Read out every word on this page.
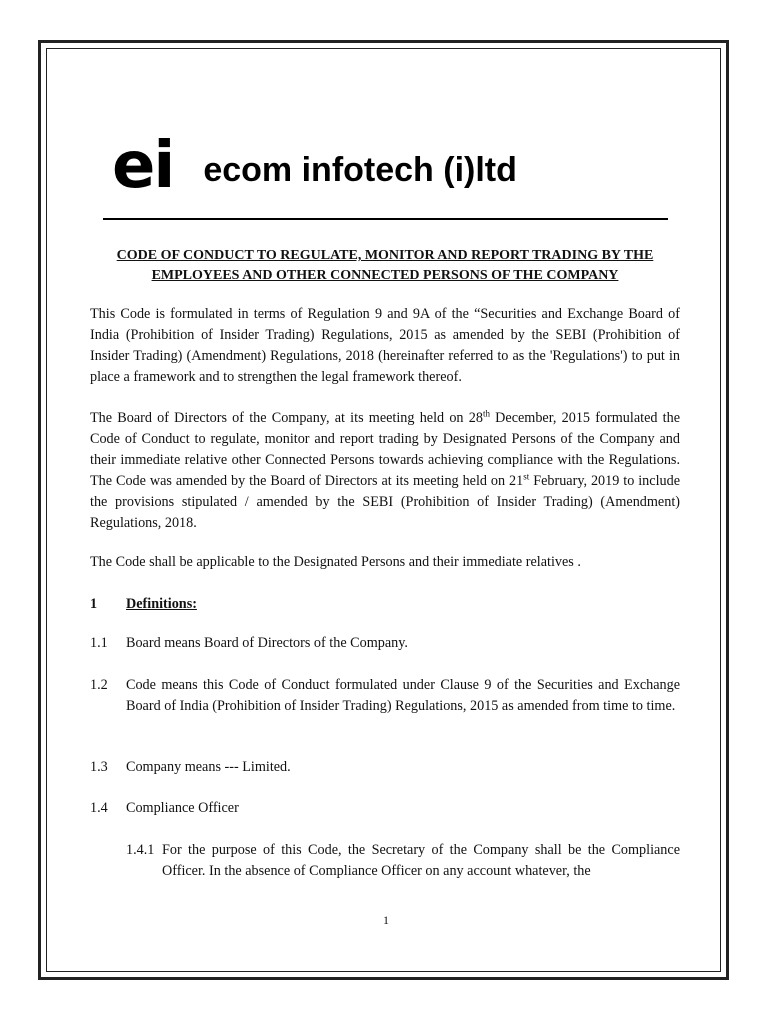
ei ecom infotech (i)ltd
CODE OF CONDUCT TO REGULATE, MONITOR AND REPORT TRADING BY THE
EMPLOYEES AND OTHER CONNECTED PERSONS OF THE COMPANY
This Code is formulated in terms of Regulation 9 and 9A of the “Securities and Exchange Board of India (Prohibition of Insider Trading) Regulations, 2015 as amended by the SEBI (Prohibition of Insider Trading) (Amendment) Regulations, 2018 (hereinafter referred to as the 'Regulations') to put in place a framework and to strengthen the legal framework thereof.
The Board of Directors of the Company, at its meeting held on 28th December, 2015 formulated the Code of Conduct to regulate, monitor and report trading by Designated Persons of the Company and their immediate relative other Connected Persons towards achieving compliance with the Regulations. The Code was amended by the Board of Directors at its meeting held on 21st February, 2019 to include the provisions stipulated / amended by the SEBI (Prohibition of Insider Trading) (Amendment) Regulations, 2018.
The Code shall be applicable to the Designated Persons and their immediate relatives .
1 Definitions:
1.1 Board means Board of Directors of the Company.
1.2 Code means this Code of Conduct formulated under Clause 9 of the Securities and Exchange Board of India (Prohibition of Insider Trading) Regulations, 2015 as amended from time to time.
1.3 Company means --- Limited.
1.4 Compliance Officer
1.4.1 For the purpose of this Code, the Secretary of the Company shall be the Compliance Officer. In the absence of Compliance Officer on any account whatever, the
1
